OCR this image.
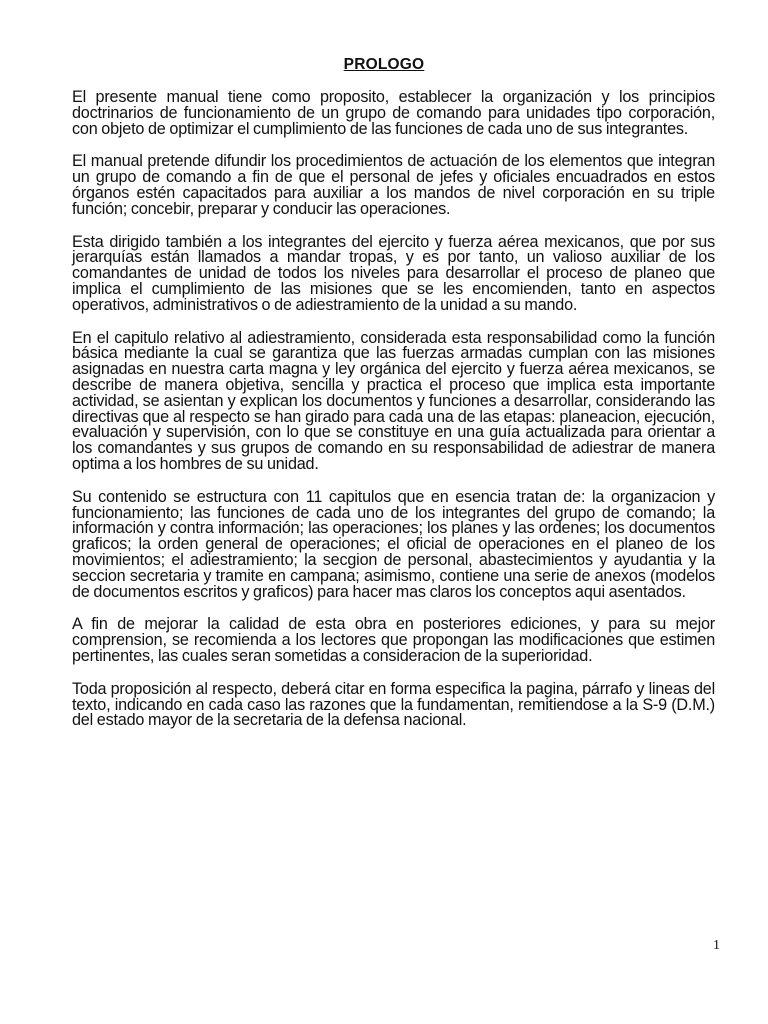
PROLOGO

El presente manual tiene como proposito, establecer la organización y los principios doctrinarios de funcionamiento de un grupo de comando para unidades tipo corporación, con objeto de optimizar el cumplimiento de las funciones de cada uno de sus integrantes.

El manual pretende difundir los procedimientos de actuación de los elementos que integran un grupo de comando a fin de que el personal de jefes y oficiales encuadrados en estos órganos estén capacitados para auxiliar a los mandos de nivel corporación en su triple función; concebir, preparar y conducir las operaciones.

Esta dirigido también a los integrantes del ejercito y fuerza aérea mexicanos, que por sus jerarquías están llamados a mandar tropas, y es por tanto, un valioso auxiliar de los comandantes de unidad de todos los niveles para desarrollar el proceso de planeo que implica el cumplimiento de las misiones que se les encomienden, tanto en aspectos operativos, administrativos o de adiestramiento de la unidad a su mando.

En el capitulo relativo al adiestramiento, considerada esta responsabilidad como la función básica mediante la cual se garantiza que las fuerzas armadas cumplan con las misiones asignadas en nuestra carta magna y ley orgánica del ejercito y fuerza aérea mexicanos, se describe de manera objetiva, sencilla y practica el proceso que implica esta importante actividad, se asientan y explican los documentos y funciones a desarrollar, considerando las directivas que al respecto se han girado para cada una de las etapas: planeacion, ejecución, evaluación y supervisión, con lo que se constituye en una guía actualizada para orientar a los comandantes y sus grupos de comando en su responsabilidad de adiestrar de manera optima a los hombres de su unidad.

Su contenido se estructura con 11 capitulos que en esencia tratan de: la organizacion y funcionamiento; las funciones de cada uno de los integrantes del grupo de comando; la información y contra información; las operaciones; los planes y las ordenes; los documentos graficos; la orden general de operaciones; el oficial de operaciones en el planeo de los movimientos; el adiestramiento; la secgion de personal, abastecimientos y ayudantia y la seccion secretaria y tramite en campana; asimismo, contiene una serie de anexos (modelos de documentos escritos y graficos) para hacer mas claros los conceptos aqui asentados.

A fin de mejorar la calidad de esta obra en posteriores ediciones, y para su mejor comprension, se recomienda a los lectores que propongan las modificaciones que estimen pertinentes, las cuales seran sometidas a consideracion de la superioridad.

Toda proposición al respecto, deberá citar en forma especifica la pagina, párrafo y lineas del texto, indicando en cada caso las razones que la fundamentan, remitiendose a la S-9 (D.M.) del estado mayor de la secretaria de la defensa nacional.

1
